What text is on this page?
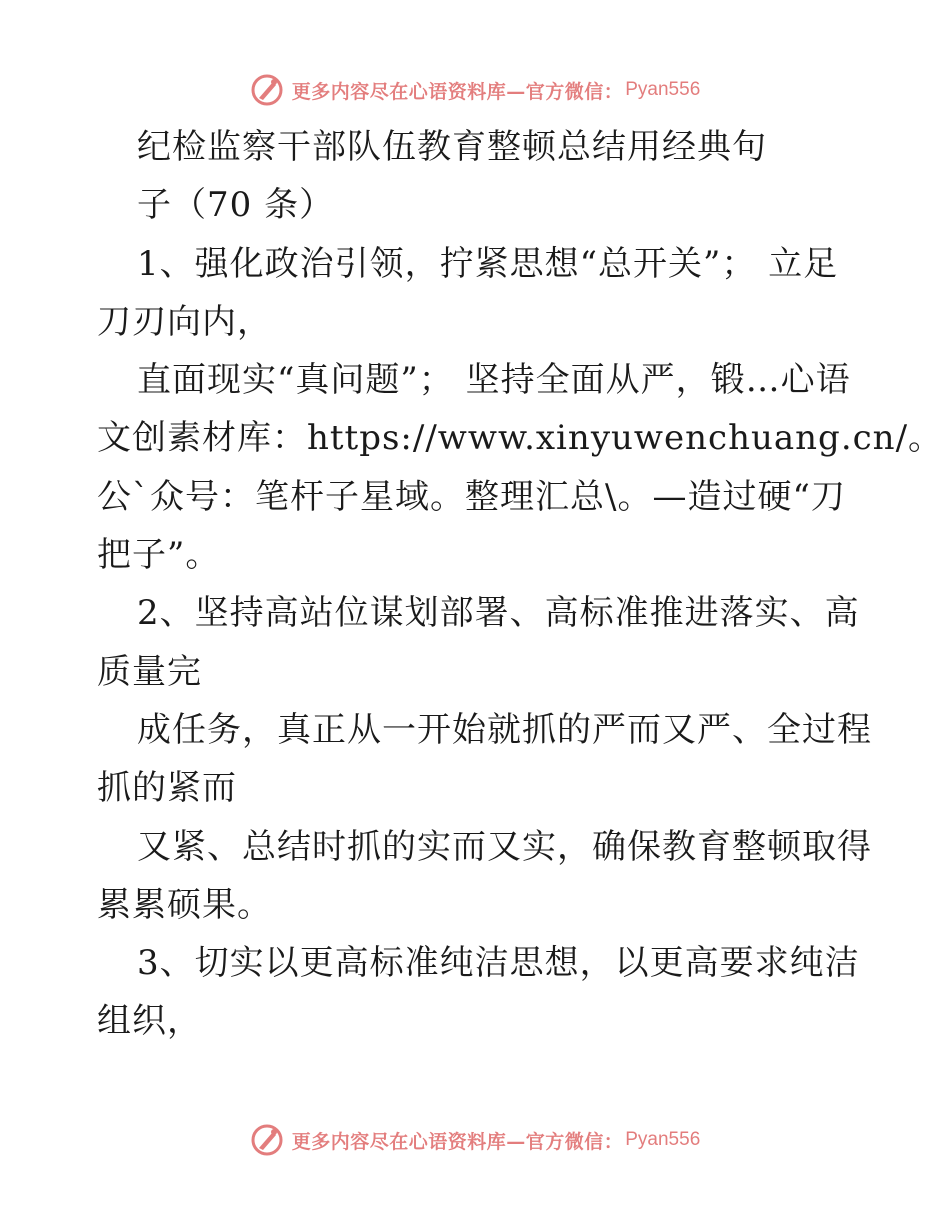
更多内容尽在心语资料库—官方微信： Pyan556
纪检监察干部队伍教育整顿总结用经典句
子（70 条）
1、强化政治引领，拧紧思想“总开关”； 立足
刀刃向内，
直面现实“真问题”； 坚持全面从严，锻…心语
文创素材库：https://www.xinyuwenchuang.cn/。
公`众号：笔杆子星域。整理汇总\。—造过硬“刀
把子”。
2、坚持高站位谋划部署、高标准推进落实、高
质量完
成任务，真正从一开始就抓的严而又严、全过程
抓的紧而
又紧、总结时抓的实而又实，确保教育整顿取得
累累硕果。
3、切实以更高标准纯洁思想，以更高要求纯洁
组织，
更多内容尽在心语资料库—官方微信： Pyan556
